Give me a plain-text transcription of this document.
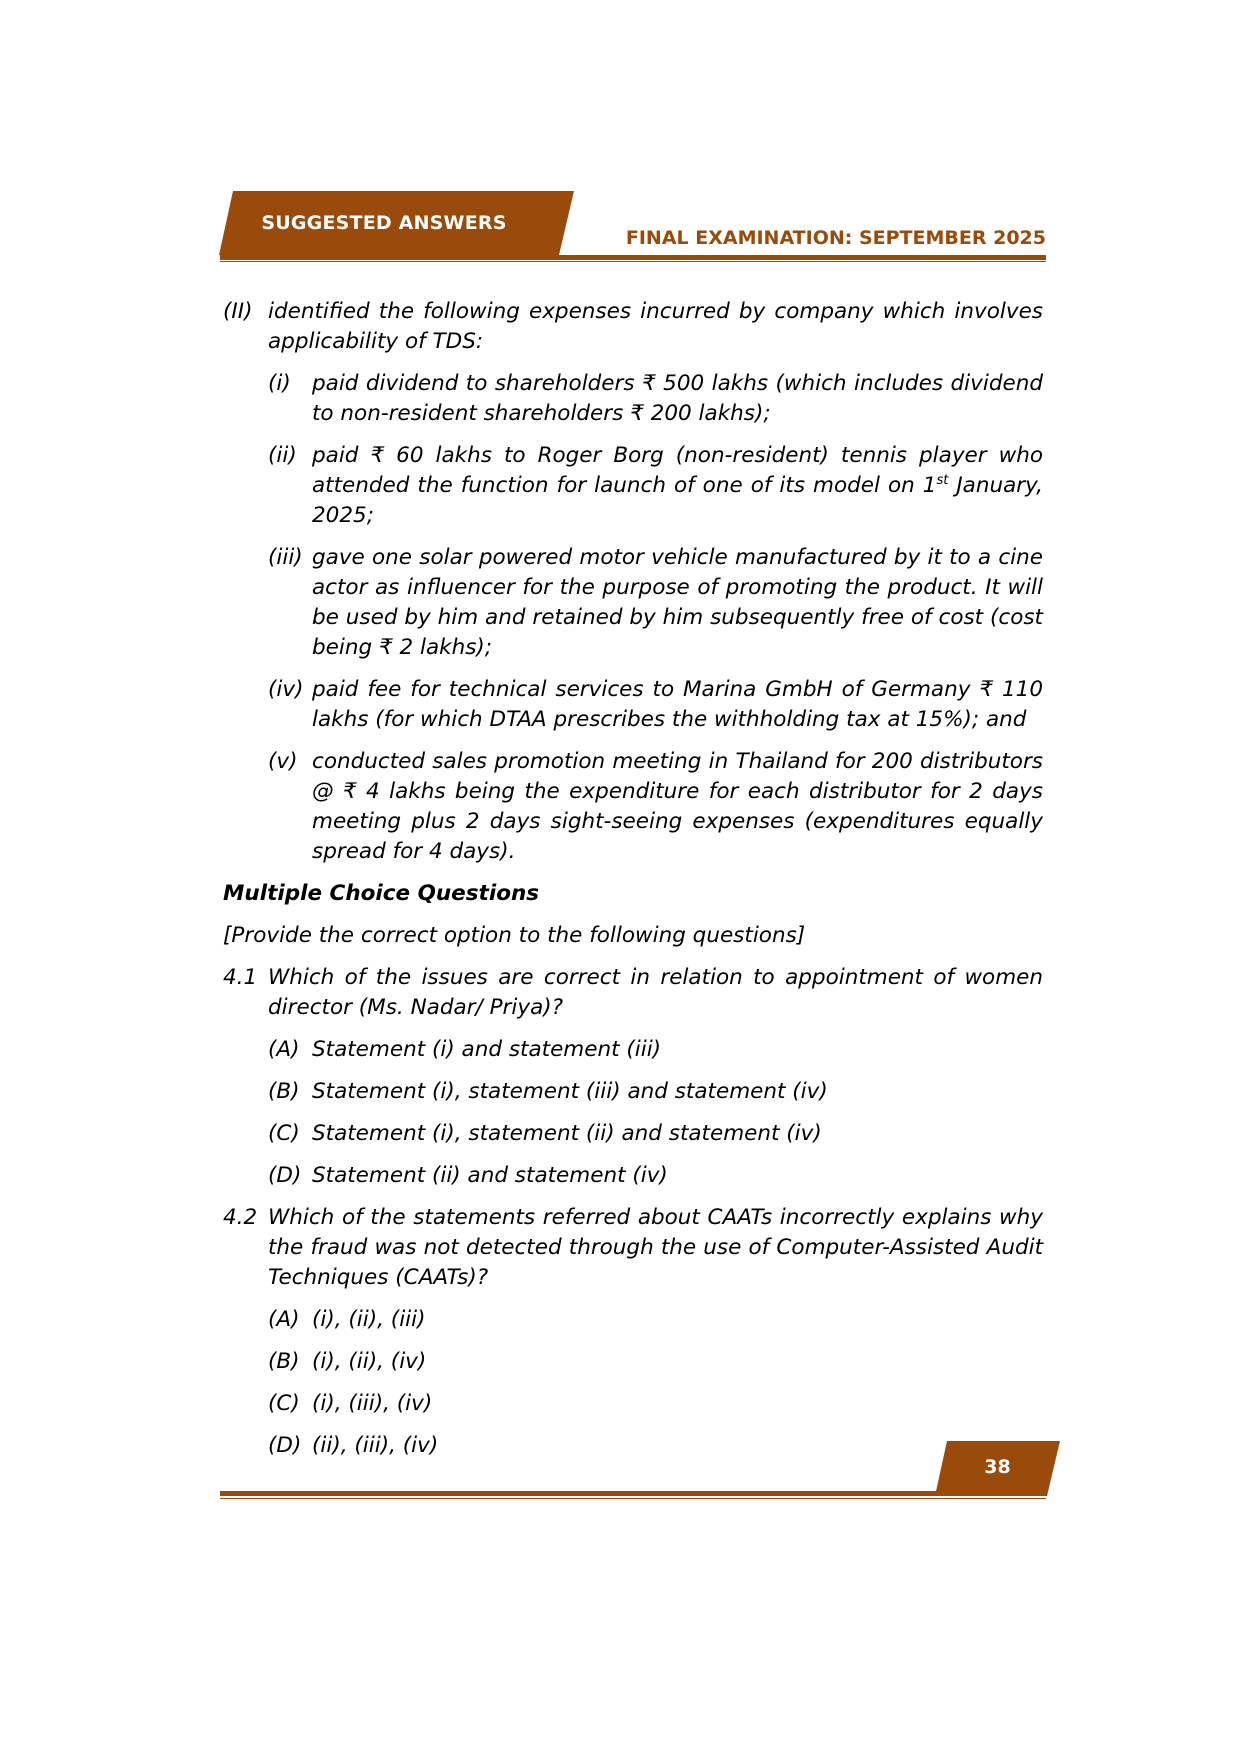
SUGGESTED ANSWERS
FINAL EXAMINATION: SEPTEMBER 2025
(II) identified the following expenses incurred by company which involves applicability of TDS:
(i) paid dividend to shareholders ₹ 500 lakhs (which includes dividend to non-resident shareholders ₹ 200 lakhs);
(ii) paid ₹ 60 lakhs to Roger Borg (non-resident) tennis player who attended the function for launch of one of its model on 1st January, 2025;
(iii) gave one solar powered motor vehicle manufactured by it to a cine actor as influencer for the purpose of promoting the product. It will be used by him and retained by him subsequently free of cost (cost being ₹ 2 lakhs);
(iv) paid fee for technical services to Marina GmbH of Germany ₹ 110 lakhs (for which DTAA prescribes the withholding tax at 15%); and
(v) conducted sales promotion meeting in Thailand for 200 distributors @ ₹ 4 lakhs being the expenditure for each distributor for 2 days meeting plus 2 days sight-seeing expenses (expenditures equally spread for 4 days).
Multiple Choice Questions
[Provide the correct option to the following questions]
4.1 Which of the issues are correct in relation to appointment of women director (Ms. Nadar/ Priya)?
(A) Statement (i) and statement (iii)
(B) Statement (i), statement (iii) and statement (iv)
(C) Statement (i), statement (ii) and statement (iv)
(D) Statement (ii) and statement (iv)
4.2 Which of the statements referred about CAATs incorrectly explains why the fraud was not detected through the use of Computer-Assisted Audit Techniques (CAATs)?
(A) (i), (ii), (iii)
(B) (i), (ii), (iv)
(C) (i), (iii), (iv)
(D) (ii), (iii), (iv)
38
